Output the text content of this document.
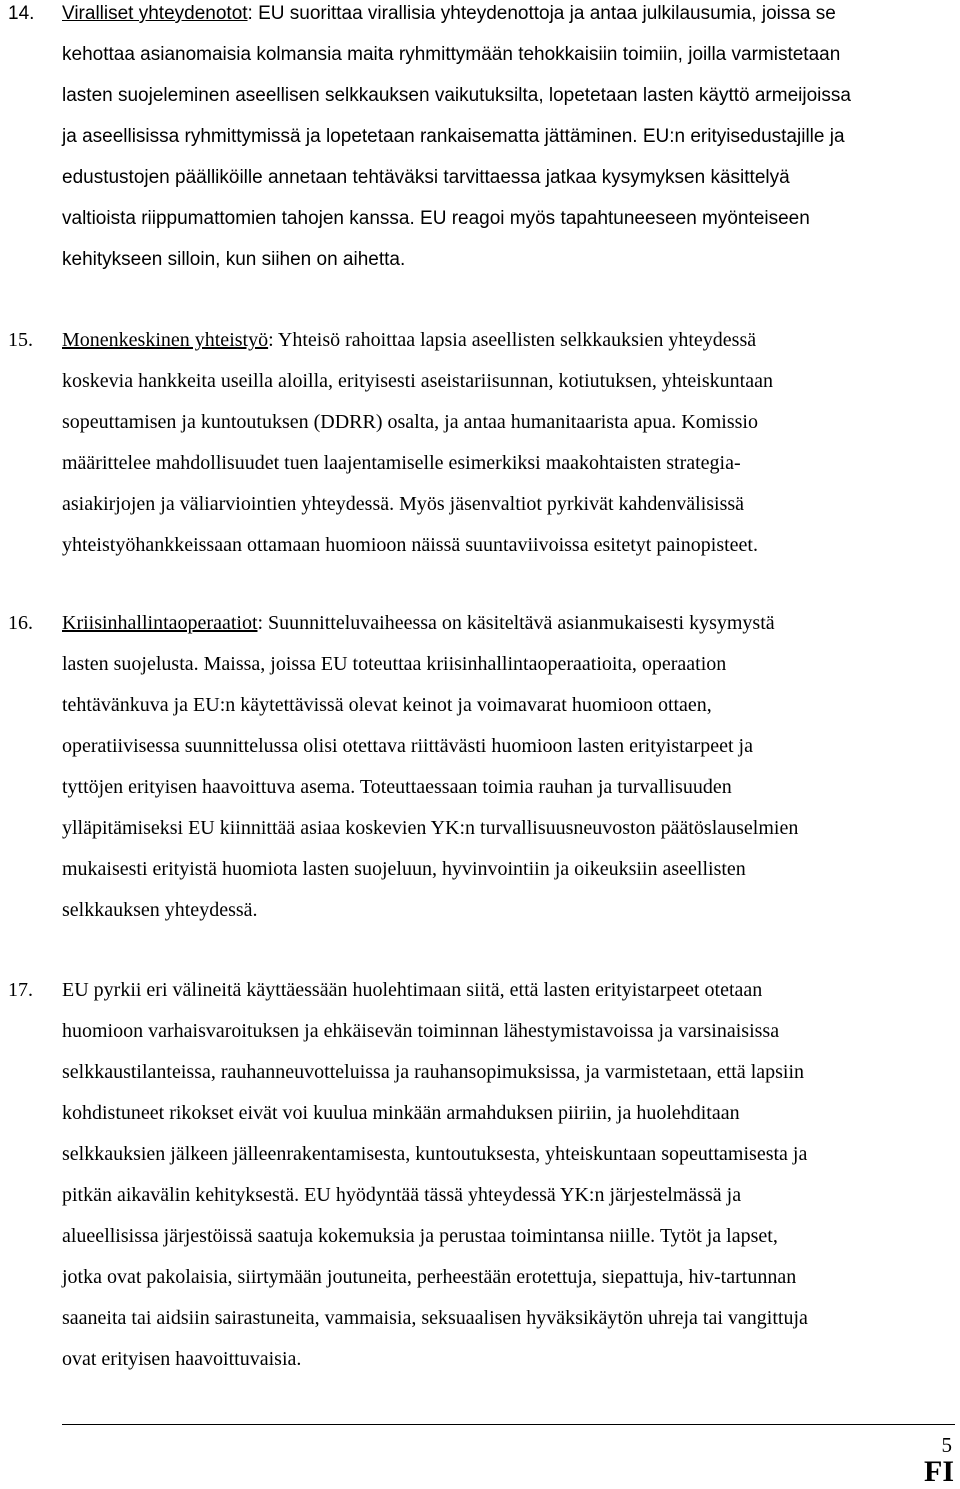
14. Viralliset yhteydenotot: EU suorittaa virallisia yhteydenottoja ja antaa julkilausumia, joissa se
kehottaa asianomaisia kolmansia maita ryhmitty​mään tehokkaisiin toimiin, joilla varmistetaan
lasten suojeleminen aseellisen selkkauksen vaikutuksilta, lopetetaan lasten käyttö armeijoissa
ja aseellisissa ryhmittymissä ja lopetetaan rankaisematta jättäminen. EU:n erityisedustajille ja
edustustojen päälliköille annetaan tehtäväksi tarvittaessa jatkaa kysymyksen käsittelyä
valtioista riippumattomien tahojen kanssa. EU reagoi myös tapahtuneeseen myönteiseen
kehitykseen silloin, kun siihen on aihetta.
15. Monenkeskinen yhteistyö: Yhteisö rahoittaa lapsia aseellisten selkkauksien yhteydessä
koskevia hankkeita useilla aloilla, erityisesti aseistariisunnan, kotiutuksen, yhteiskuntaan
sopeuttamisen ja kuntoutuksen (DDRR) osalta, ja antaa humanitaarista apua. Komissio
määrittelee mahdollisuudet tuen laajentamiselle esimerkiksi maakohtaisten strategia-
asiakirjojen ja väliarviointien yhteydessä. Myös jäsenvaltiot pyrkivät kahdenvälisissä
yhteistyöhankkeissaan ottamaan huomioon näissä suuntaviivoissa esitetyt painopisteet.
16. Kriisinhallintaoperaatiot: Suunnitteluvaiheessa on käsiteltävä asianmukaisesti kysymystä
lasten suojelusta. Maissa, joissa EU toteuttaa kriisinhallintaoperaatioita, operaation
tehtävänkuva ja EU:n käytettävissä olevat keinot ja voimavarat huomioon ottaen,
operatiivisessa suunnittelussa olisi otettava riittävästi huomioon lasten erityistarpeet ja
tyttöjen erityisen haavoittuva asema. Toteuttaessaan toimia rauhan ja turvallisuuden
ylläpitämiseksi EU kiinnittää asiaa koskevien YK:n turvallisuusneuvoston päätöslauselmien
mukaisesti erityistä huomiota lasten suojeluun, hyvinvointiin ja oikeuksiin aseellisten
selkkauksen yhteydessä.
17. EU pyrkii eri välineitä käyttäessään huolehtimaan siitä, että lasten erityistarpeet otetaan
huomioon varhaisvaroituksen ja ehkäisevän toiminnan lähestymistavoissa ja varsinaisissa
selkkaustilanteissa, rauhanneuvotteluissa ja rauhansopimuksissa, ja varmistetaan, että lapsiin
kohdistuneet rikokset eivät voi kuulua minkään armahduksen piiriin, ja huolehditaan
selkkauksien jälkeen jälleenrakentamisesta, kuntoutuksesta, yhteiskuntaan sopeuttamisesta ja
pitkän aikavälin kehityksestä. EU hyödyntää tässä yhteydessä YK:n järjestelmässä ja
alueellisissa järjestöissä saatuja kokemuksia ja perustaa toimintansa niille. Tytöt ja lapset,
jotka ovat pakolaisia, siirtymään joutuneita, perheestään erotettuja, siepattuja, hiv-tartunnan
saaneita tai aidsiin sairastuneita, vammaisia, seksuaalisen hyväksikäytön uhreja tai vangittuja
ovat erityisen haavoittuvaisia.
5
FI
